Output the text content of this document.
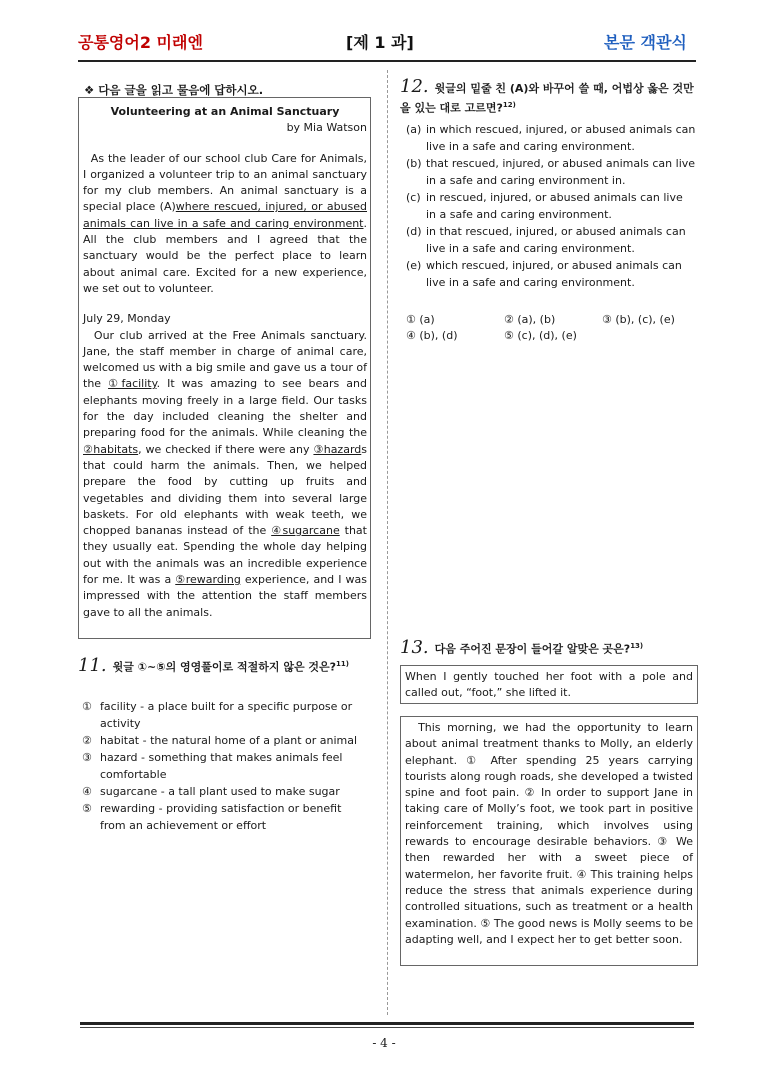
공통영어2 미래엔	[제 1 과]	본문 객관식
❖ 다음 글을 읽고 물음에 답하시오.
Volunteering at an Animal Sanctuary
by Mia Watson
As the leader of our school club Care for Animals, I organized a volunteer trip to an animal sanctuary for my club members. An animal sanctuary is a special place (A)where rescued, injured, or abused animals can live in a safe and caring environment. All the club members and I agreed that the sanctuary would be the perfect place to learn about animal care. Excited for a new experience, we set out to volunteer.
July 29, Monday
Our club arrived at the Free Animals sanctuary. Jane, the staff member in charge of animal care, welcomed us with a big smile and gave us a tour of the ①facility. It was amazing to see bears and elephants moving freely in a large field. Our tasks for the day included cleaning the shelter and preparing food for the animals. While cleaning the ②habitats, we checked if there were any ③hazards that could harm the animals. Then, we helped prepare the food by cutting up fruits and vegetables and dividing them into several large baskets. For old elephants with weak teeth, we chopped bananas instead of the ④sugarcane that they usually eat. Spending the whole day helping out with the animals was an incredible experience for me. It was a ⑤rewarding experience, and I was impressed with the attention the staff members gave to all the animals.
11. 윗글 ①~⑤의 영영풀이로 적절하지 않은 것은?$^{11)}$
① facility - a place built for a specific purpose or activity
② habitat - the natural home of a plant or animal
③ hazard - something that makes animals feel comfortable
④ sugarcane - a tall plant used to make sugar
⑤ rewarding - providing satisfaction or benefit from an achievement or effort
12. 윗글의 밑줄 친 (A)와 바꾸어 쓸 때, 어법상 옳은 것만을 있는 대로 고르면?$^{12)}$
(a) in which rescued, injured, or abused animals can live in a safe and caring environment.
(b) that rescued, injured, or abused animals can live in a safe and caring environment in.
(c) in rescued, injured, or abused animals can live in a safe and caring environment.
(d) in that rescued, injured, or abused animals can live in a safe and caring environment.
(e) which rescued, injured, or abused animals can live in a safe and caring environment.
① (a)	② (a), (b)	③ (b), (c), (e)
④ (b), (d)	⑤ (c), (d), (e)
13. 다음 주어진 문장이 들어갈 알맞은 곳은?$^{13)}$
When I gently touched her foot with a pole and called out, “foot,” she lifted it.
This morning, we had the opportunity to learn about animal treatment thanks to Molly, an elderly elephant. ① After spending 25 years carrying tourists along rough roads, she developed a twisted spine and foot pain. ② In order to support Jane in taking care of Molly’s foot, we took part in positive reinforcement training, which involves using rewards to encourage desirable behaviors. ③ We then rewarded her with a sweet piece of watermelon, her favorite fruit. ④ This training helps reduce the stress that animals experience during controlled situations, such as treatment or a health examination. ⑤ The good news is Molly seems to be adapting well, and I expect her to get better soon.
- 4 -
